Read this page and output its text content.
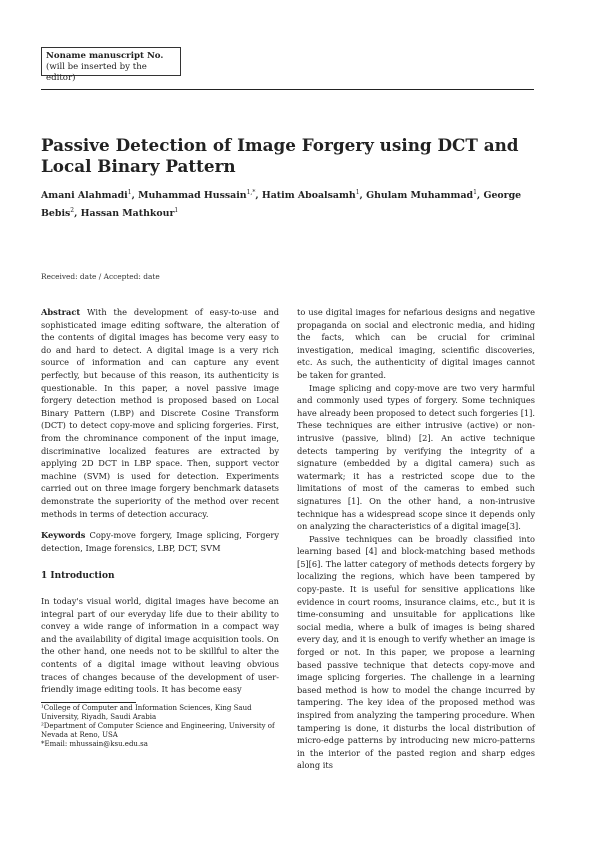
Noname manuscript No.
(will be inserted by the editor)
Passive Detection of Image Forgery using DCT and Local Binary Pattern
Amani Alahmadi$^1$, Muhammad Hussain$^{1,*}$, Hatim Aboalsamh$^1$, Ghulam Muhammad$^1$, George Bebis$^2$, Hassan Mathkour$^1$
Received: date / Accepted: date

Abstract With the development of easy-to-use and sophisticated image editing software, the alteration of the contents of digital images has become very easy to do and hard to detect. A digital image is a very rich source of information and can capture any event perfectly, but because of this reason, its authenticity is questionable. In this paper, a novel passive image forgery detection method is proposed based on Local Binary Pattern (LBP) and Discrete Cosine Transform (DCT) to detect copy-move and splicing forgeries. First, from the chrominance component of the input image, discriminative localized features are extracted by applying 2D DCT in LBP space. Then, support vector machine (SVM) is used for detection. Experiments carried out on three image forgery benchmark datasets demonstrate the superiority of the method over recent methods in terms of detection accuracy.

Keywords Copy-move forgery, Image splicing, Forgery detection, Image forensics, LBP, DCT, SVM

1 Introduction
In today's visual world, digital images have become an integral part of our everyday life due to their ability to convey a wide range of information in a compact way and the availability of digital image acquisition tools. On the other hand, one needs not to be skillful to alter the contents of a digital image without leaving obvious traces of changes because of the development of user-friendly image editing tools. It has become easy

¹College of Computer and Information Sciences, King Saud University, Riyadh, Saudi Arabia

²Department of Computer Science and Engineering, University of Nevada at Reno, USA

*Email: mhussain@ksu.edu.sa

to use digital images for nefarious designs and negative propaganda on social and electronic media, and hiding the facts, which can be crucial for criminal investigation, medical imaging, scientific discoveries, etc. As such, the authenticity of digital images cannot be taken for granted.

Image splicing and copy-move are two very harmful and commonly used types of forgery. Some techniques have already been proposed to detect such forgeries [1]. These techniques are either intrusive (active) or non-intrusive (passive, blind) [2]. An active technique detects tampering by verifying the integrity of a signature (embedded by a digital camera) such as watermark; it has a restricted scope due to the limitations of most of the cameras to embed such signatures [1]. On the other hand, a non-intrusive technique has a widespread scope since it depends only on analyzing the characteristics of a digital image[3].

Passive techniques can be broadly classified into learning based [4] and block-matching based methods [5][6]. The latter category of methods detects forgery by localizing the regions, which have been tampered by copy-paste. It is useful for sensitive applications like evidence in court rooms, insurance claims, etc., but it is time-consuming and unsuitable for applications like social media, where a bulk of images is being shared every day, and it is enough to verify whether an image is forged or not. In this paper, we propose a learning based passive technique that detects copy-move and image splicing forgeries. The challenge in a learning based method is how to model the change incurred by tampering. The key idea of the proposed method was inspired from analyzing the tampering procedure. When tampering is done, it disturbs the local distribution of micro-edge patterns by introducing new micro-patterns in the interior of the pasted region and sharp edges along its
